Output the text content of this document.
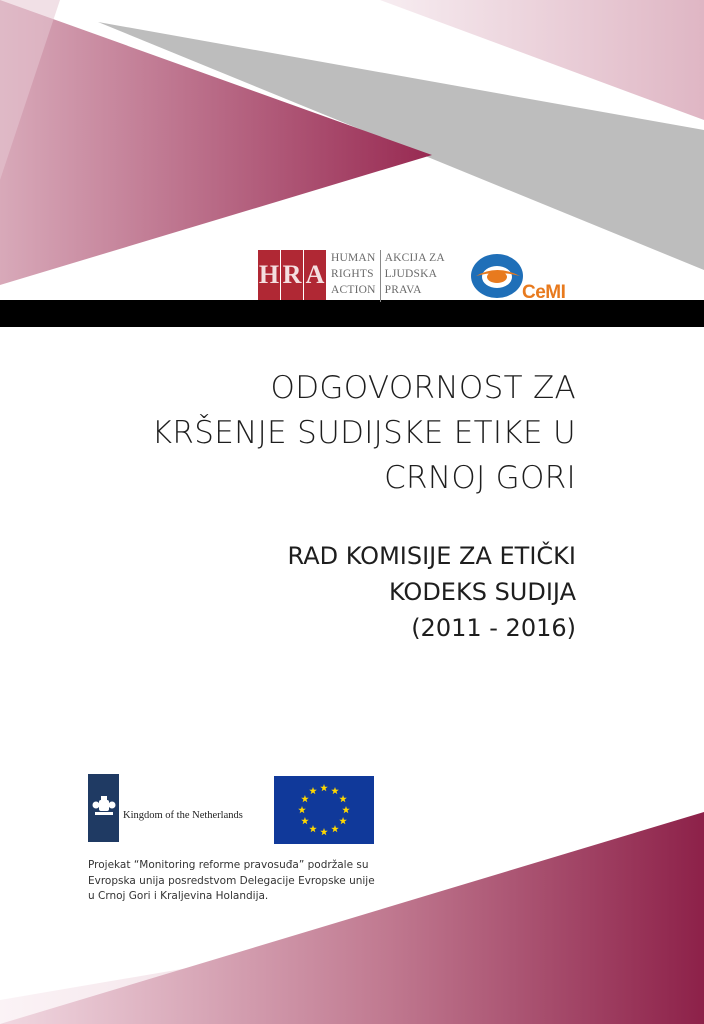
H R A
HUMAN
RIGHTS
ACTION
AKCIJA ZA
LJUDSKA
PRAVA	CeMI
ODGOVORNOST ZA
KRŠENJE SUDIJSKE ETIKE U
CRNOJ GORI
RAD KOMISIJE ZA ETIČKI
KODEKS SUDIJA
(2011 - 2016)
Kingdom of the Netherlands
Projekat “Monitoring reforme pravosuđa” podržale su
Evropska unija posredstvom Delegacije Evropske unije
u Crnoj Gori i Kraljevina Holandija.
